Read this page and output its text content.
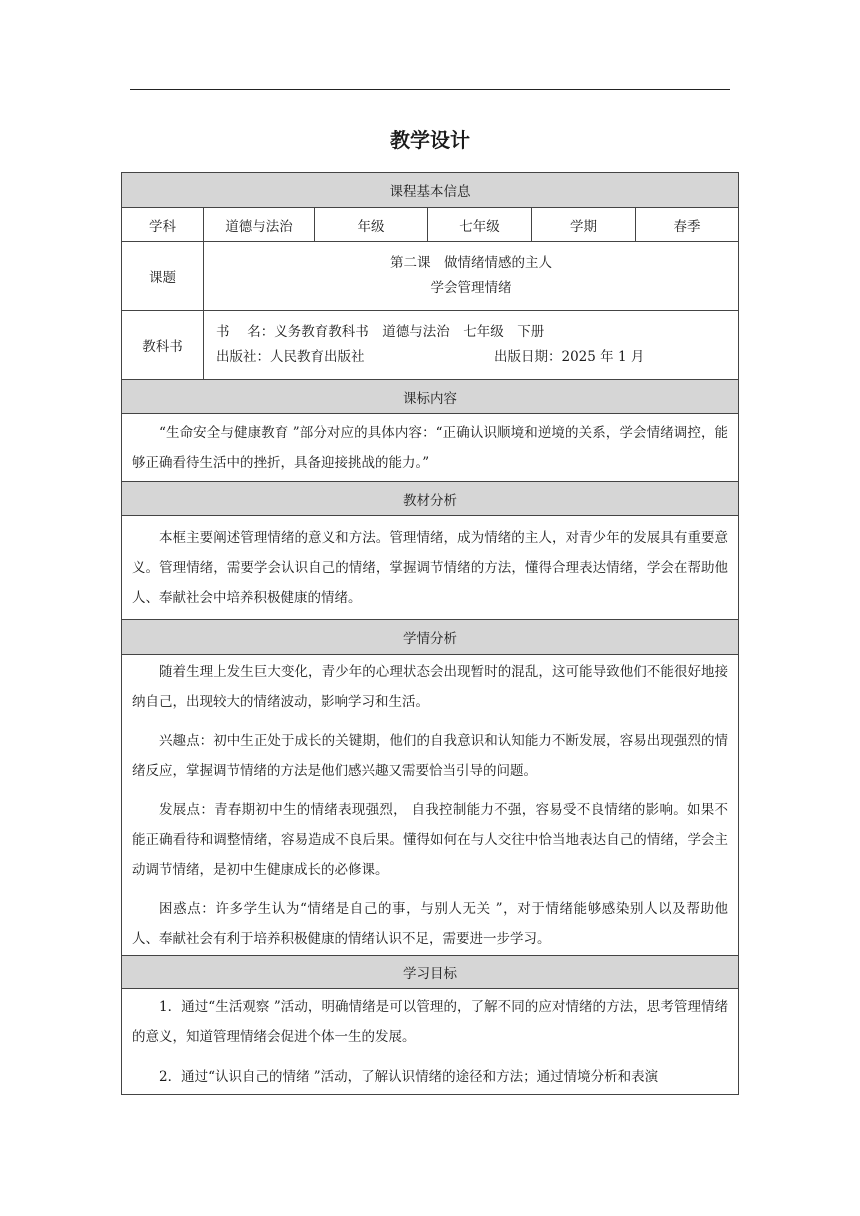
教学设计
课程基本信息					
学科	道德与法治	年级	七年级	学期	春季
课题	第二课　做情绪情感的主人
学会管理情绪				

教科书	书　 名：义务教育教科书　道德与法治　七年级　下册
出版社：人民教育出版社 出版日期：2025 年 1 月				

课标内容					

“生命安全与健康教育 ”部分对应的具体内容：“正确认识顺境和逆境的关系，学会情绪调控，能够正确看待生活中的挫折，具备迎接挑战的能力。”					

教材分析					

本框主要阐述管理情绪的意义和方法。管理情绪，成为情绪的主人，对青少年的发展具有重要意义。管理情绪，需要学会认识自己的情绪，掌握调节情绪的方法，懂得合理表达情绪，学会在帮助他人、奉献社会中培养积极健康的情绪。					

学情分析					

随着生理上发生巨大变化，青少年的心理状态会出现暂时的混乱，这可能导致他们不能很好地接纳自己，出现较大的情绪波动，影响学习和生活。

兴趣点：初中生正处于成长的关键期，他们的自我意识和认知能力不断发展，容易出现强烈的情绪反应，掌握调节情绪的方法是他们感兴趣又需要恰当引导的问题。

发展点：青春期初中生的情绪表现强烈， 自我控制能力不强，容易受不良情绪的影响。如果不能正确看待和调整情绪，容易造成不良后果。懂得如何在与人交往中恰当地表达自己的情绪，学会主动调节情绪，是初中生健康成长的必修课。

困惑点：许多学生认为“情绪是自己的事，与别人无关 ”，对于情绪能够感染别人以及帮助他人、奉献社会有利于培养积极健康的情绪认识不足，需要进一步学习。					

学习目标					

1．通过“生活观察 ”活动，明确情绪是可以管理的，了解不同的应对情绪的方法，思考管理情绪的意义，知道管理情绪会促进个体一生的发展。

2．通过“认识自己的情绪 ”活动，了解认识情绪的途径和方法；通过情境分析和表演					
